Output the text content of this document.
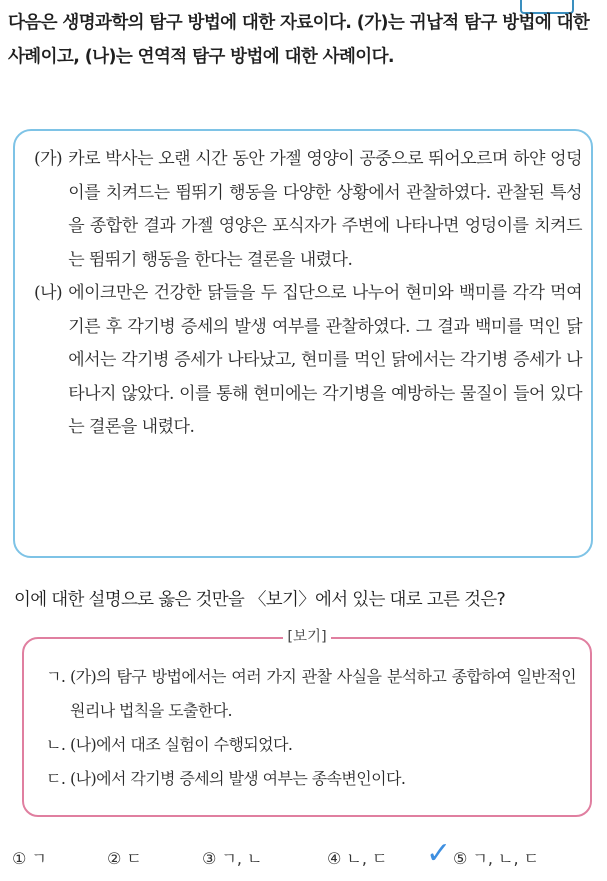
다음은 생명과학의 탐구 방법에 대한 자료이다. (가)는 귀납적 탐구 방법에 대한 사례이고, (나)는 연역적 탐구 방법에 대한 사례이다.
(가) 카로 박사는 오랜 시간 동안 가젤 영양이 공중으로 뛰어오르며 하얀 엉덩이를 치켜드는 뜀뛰기 행동을 다양한 상황에서 관찰하였다. 관찰된 특성을 종합한 결과 가젤 영양은 포식자가 주변에 나타나면 엉덩이를 치켜드는 뜀뛰기 행동을 한다는 결론을 내렸다.
(나) 에이크만은 건강한 닭들을 두 집단으로 나누어 현미와 백미를 각각 먹여 기른 후 각기병 증세의 발생 여부를 관찰하였다. 그 결과 백미를 먹인 닭에서는 각기병 증세가 나타났고, 현미를 먹인 닭에서는 각기병 증세가 나타나지 않았다. 이를 통해 현미에는 각기병을 예방하는 물질이 들어 있다는 결론을 내렸다.
이에 대한 설명으로 옳은 것만을 〈보기〉에서 있는 대로 고른 것은?
[보기]
ㄱ. (가)의 탐구 방법에서는 여러 가지 관찰 사실을 분석하고 종합하여 일반적인 원리나 법칙을 도출한다.
ㄴ. (나)에서 대조 실험이 수행되었다.
ㄷ. (나)에서 각기병 증세의 발생 여부는 종속변인이다.
① ㄱ	② ㄷ	③ ㄱ, ㄴ	④ ㄴ, ㄷ ✓ ⑤ ㄱ, ㄴ, ㄷ
